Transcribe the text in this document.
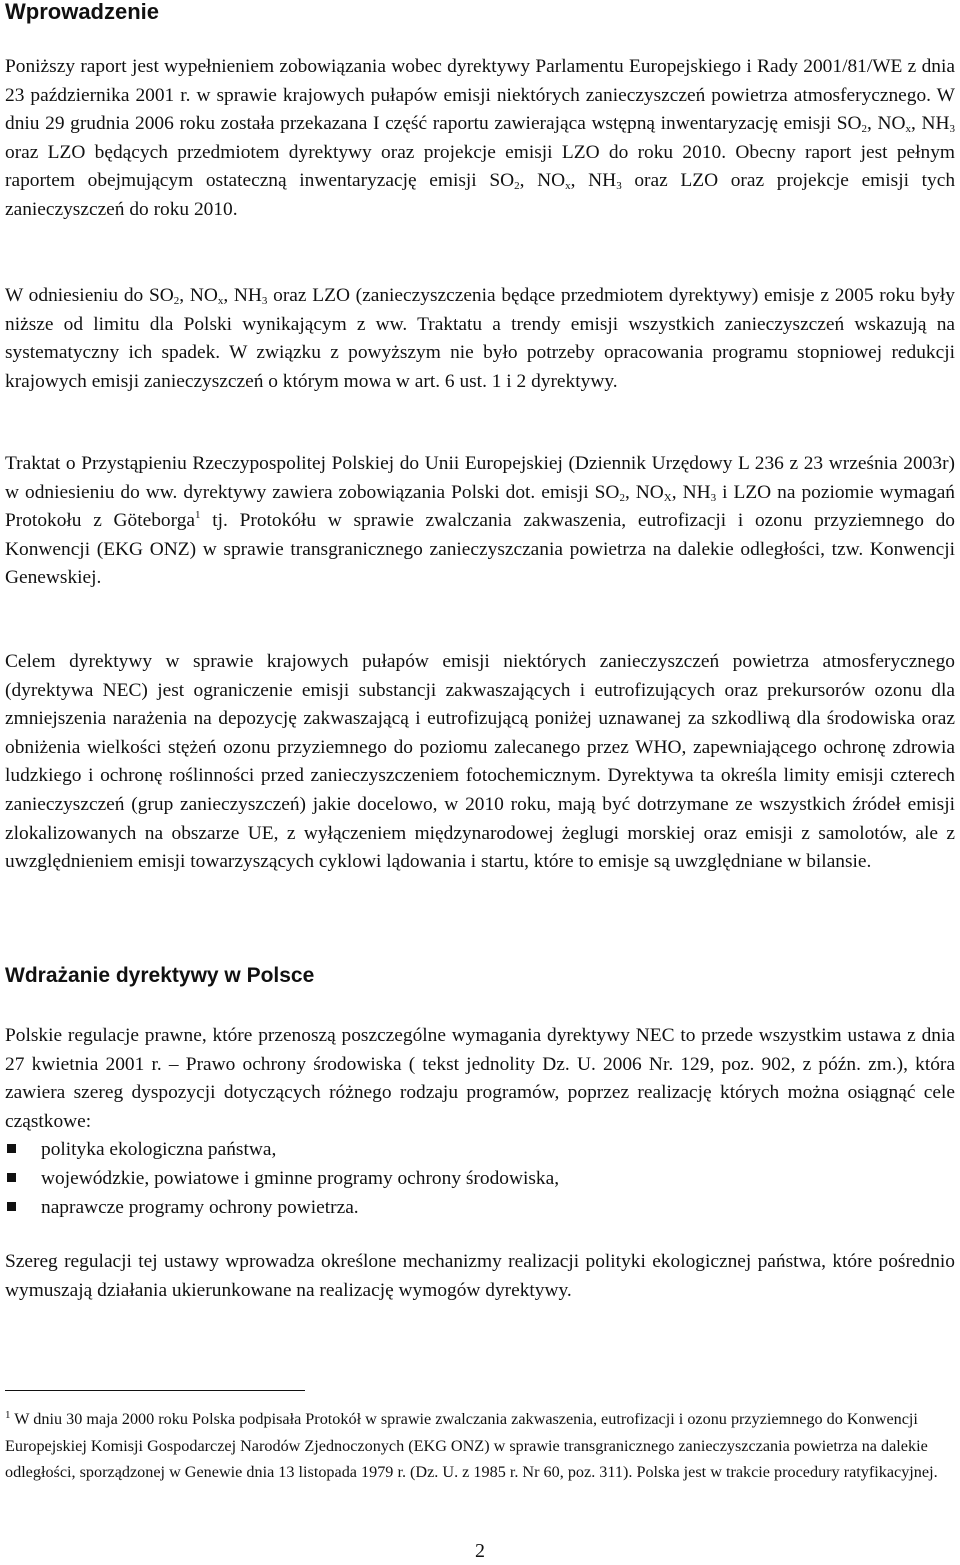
Wprowadzenie

Poniższy raport jest wypełnieniem zobowiązania wobec dyrektywy Parlamentu Europejskiego i Rady 2001/81/WE z dnia 23 października 2001 r. w sprawie krajowych pułapów emisji niektórych zanieczyszczeń powietrza atmosferycznego. W dniu 29 grudnia 2006 roku została przekazana I część raportu zawierająca wstępną inwentaryzację emisji $SO_2$, $NO_x$, $NH_3$ oraz LZO będących przedmiotem dyrektywy oraz projekcje emisji LZO do roku 2010. Obecny raport jest pełnym raportem obejmującym ostateczną inwentaryzację emisji $SO_2$, $NO_x$, $NH_3$ oraz LZO oraz projekcje emisji tych zanieczyszczeń do roku 2010.

W odniesieniu do $SO_2$, $NO_x$, $NH_3$ oraz LZO (zanieczyszczenia będące przedmiotem dyrektywy) emisje z 2005 roku były niższe od limitu dla Polski wynikającym z ww. Traktatu a trendy emisji wszystkich zanieczyszczeń wskazują na systematyczny ich spadek. W związku z powyższym nie było potrzeby opracowania programu stopniowej redukcji krajowych emisji zanieczyszczeń o którym mowa w art. 6 ust. 1 i 2 dyrektywy.

Traktat o Przystąpieniu Rzeczypospolitej Polskiej do Unii Europejskiej (Dziennik Urzędowy L 236 z 23 września 2003r) w odniesieniu do ww. dyrektywy zawiera zobowiązania Polski dot. emisji $SO_2$, $NO_X$, $NH_3$ i LZO na poziomie wymagań Protokołu z Göteborga$^1$ tj. Protokółu w sprawie zwalczania zakwaszenia, eutrofizacji i ozonu przyziemnego do Konwencji (EKG ONZ) w sprawie transgranicznego zanieczyszczania powietrza na dalekie odległości, tzw. Konwencji Genewskiej.

Celem dyrektywy w sprawie krajowych pułapów emisji niektórych zanieczyszczeń powietrza atmosferycznego (dyrektywa NEC) jest ograniczenie emisji substancji zakwaszających i eutrofizujących oraz prekursorów ozonu dla zmniejszenia narażenia na depozycję zakwaszającą i eutrofizującą poniżej uznawanej za szkodliwą dla środowiska oraz obniżenia wielkości stężeń ozonu przyziemnego do poziomu zalecanego przez WHO, zapewniającego ochronę zdrowia ludzkiego i ochronę roślinności przed zanieczyszczeniem fotochemicznym. Dyrektywa ta określa limity emisji czterech zanieczyszczeń (grup zanieczyszczeń) jakie docelowo, w 2010 roku, mają być dotrzymane ze wszystkich źródeł emisji zlokalizowanych na obszarze UE, z wyłączeniem międzynarodowej żeglugi morskiej oraz emisji z samolotów, ale z uwzględnieniem emisji towarzyszących cyklowi lądowania i startu, które to emisje są uwzględniane w bilansie.

Wdrażanie dyrektywy w Polsce

Polskie regulacje prawne, które przenoszą poszczególne wymagania dyrektywy NEC to przede wszystkim ustawa z dnia 27 kwietnia 2001 r. – Prawo ochrony środowiska ( tekst jednolity Dz. U. 2006 Nr. 129, poz. 902, z późn. zm.), która zawiera szereg dyspozycji dotyczących różnego rodzaju programów, poprzez realizację których można osiągnąć cele cząstkowe:

polityka ekologiczna państwa,
wojewódzkie, powiatowe i gminne programy ochrony środowiska,
naprawcze programy ochrony powietrza.

Szereg regulacji tej ustawy wprowadza określone mechanizmy realizacji polityki ekologicznej państwa, które pośrednio wymuszają działania ukierunkowane na realizację wymogów dyrektywy.

$^1$ W dniu 30 maja 2000 roku Polska podpisała Protokół w sprawie zwalczania zakwaszenia, eutrofizacji i ozonu przyziemnego do Konwencji Europejskiej Komisji Gospodarczej Narodów Zjednoczonych (EKG ONZ) w sprawie transgranicznego zanieczyszczania powietrza na dalekie odległości, sporządzonej w Genewie dnia 13 listopada 1979 r. (Dz. U. z 1985 r. Nr 60, poz. 311). Polska jest w trakcie procedury ratyfikacyjnej.
2
